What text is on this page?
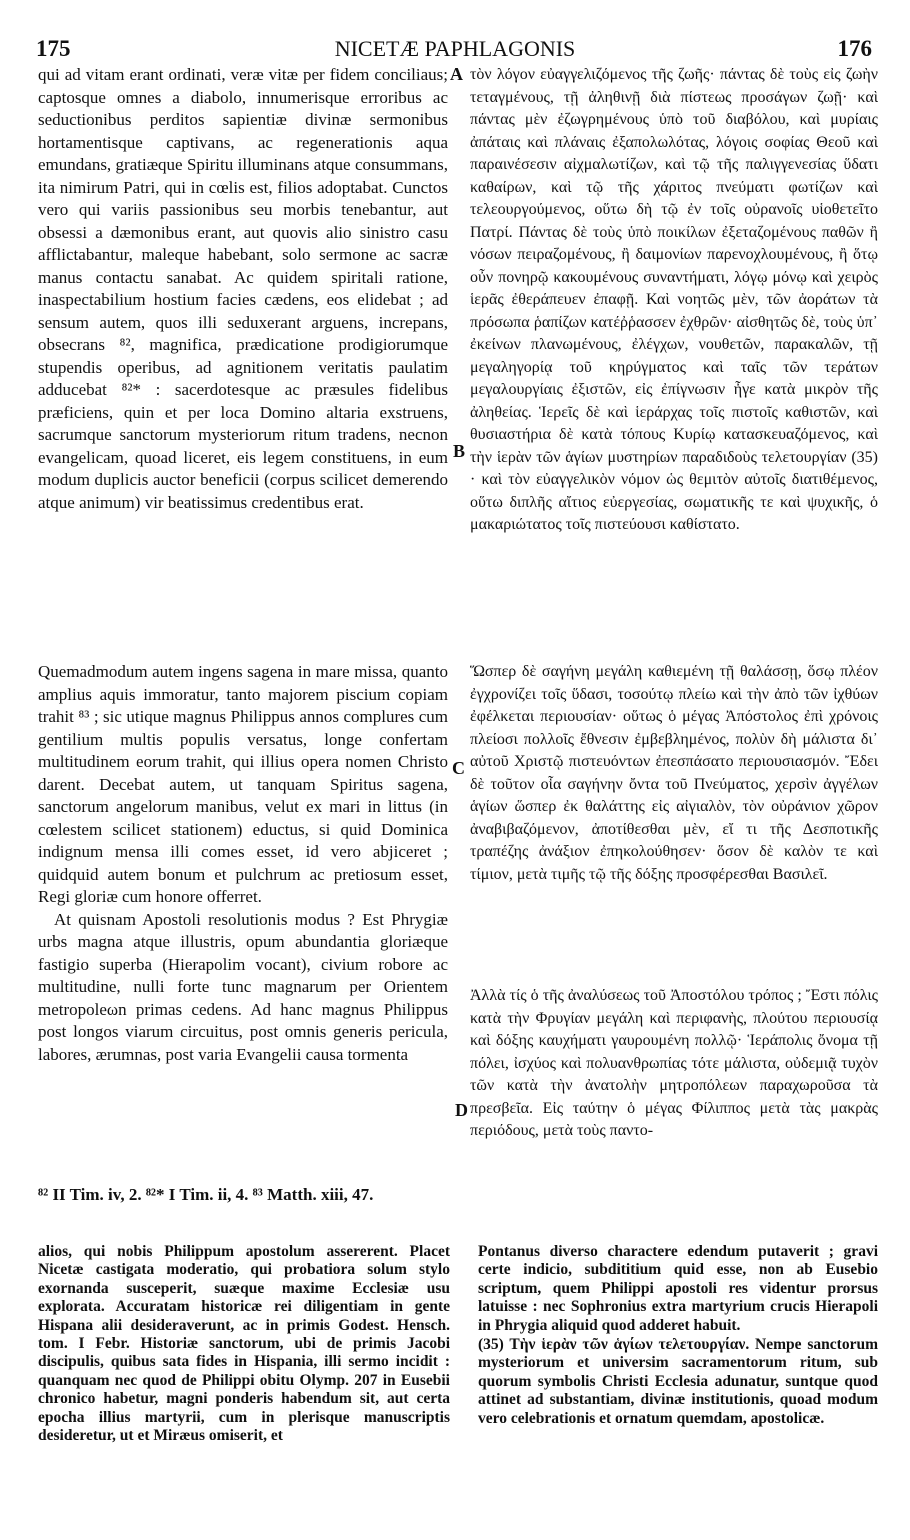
175	NICETÆ PAPHLAGONIS	176

qui ad vitam erant ordinati, veræ vitæ per fidem conciliaus; captosque omnes a diabolo, innumerisque erroribus ac seductionibus perditos sapientiæ divinæ sermonibus hortamentisque captivans, ac regenerationis aqua emundans, gratiæque Spiritu illuminans atque consummans, ita nimirum Patri, qui in cœlis est, filios adoptabat. Cunctos vero qui variis passionibus seu morbis tenebantur, aut obsessi a dæmonibus erant, aut quovis alio sinistro casu afflictabantur, maleque habebant, solo sermone ac sacræ manus contactu sanabat. Ac quidem spiritali ratione, inaspectabilium hostium facies cædens, eos elidebat ; ad sensum autem, quos illi seduxerant arguens, increpans, obsecrans ⁸², magnifica, prædicatione prodigiorumque stupendis operibus, ad agnitionem veritatis paulatim adducebat ⁸²* : sacerdotesque ac præsules fidelibus præficiens, quin et per loca Domino altaria exstruens, sacrumque sanctorum mysteriorum ritum tradens, necnon evangelicam, quoad liceret, eis legem constituens, in eum modum duplicis auctor beneficii (corpus scilicet demerendo atque animum) vir beatissimus credentibus erat.

Quemadmodum autem ingens sagena in mare missa, quanto amplius aquis immoratur, tanto majorem piscium copiam trahit ⁸³ ; sic utique magnus Philippus annos complures cum gentilium multis populis versatus, longe confertam multitudinem eorum trahit, qui illius opera nomen Christo darent. Decebat autem, ut tanquam Spiritus sagena, sanctorum angelorum manibus, velut ex mari in littus (in cœlestem scilicet stationem) eductus, si quid Dominica indignum mensa illi comes esset, id vero abjiceret ; quidquid autem bonum et pulchrum ac pretiosum esset, Regi gloriæ cum honore offerret.

At quisnam Apostoli resolutionis modus ? Est Phrygiæ urbs magna atque illustris, opum abundantia gloriæque fastigio superba (Hierapolim vocant), civium robore ac multitudine, nulli forte tunc magnarum per Orientem metropoleωn primas cedens. Ad hanc magnus Philippus post longos viarum circuitus, post omnis generis pericula, labores, ærumnas, post varia Evangelii causa tormenta

τὸν λόγον εὐαγγελιζόμενος τῆς ζωῆς· πάντας δὲ τοὺς εἰς ζωὴν τεταγμένους, τῇ ἀληθινῇ διὰ πίστεως προσάγων ζωῇ· καὶ πάντας μὲν ἐζωγρημένους ὑπὸ τοῦ διαβόλου, καὶ μυρίαις ἀπάταις καὶ πλάναις ἐξαπολωλότας, λόγοις σοφίας Θεοῦ καὶ παραινέσεσιν αἰχμαλωτίζων, καὶ τῷ τῆς παλιγγενεσίας ὕδατι καθαίρων, καὶ τῷ τῆς χάριτος πνεύματι φωτίζων καὶ τελεουργούμενος, οὕτω δὴ τῷ ἐν τοῖς οὐρανοῖς υἱοθετεῖτο Πατρί. Πάντας δὲ τοὺς ὑπὸ ποικίλων ἐξεταζομένους παθῶν ἢ νόσων πειραζομένους, ἢ δαιμονίων παρενοχλουμένους, ἢ ὅτῳ οὖν πονηρῷ κακουμένους συναντήματι, λόγῳ μόνῳ καὶ χειρὸς ἱερᾶς ἐθεράπευεν ἐπαφῇ. Καὶ νοητῶς μὲν, τῶν ἀοράτων τὰ πρόσωπα ῥαπίζων κατέῤῥασσεν ἐχθρῶν· αἰσθητῶς δὲ, τοὺς ὑπ᾽ ἐκείνων πλανωμένους, ἐλέγχων, νουθετῶν, παρακαλῶν, τῇ μεγαληγορίᾳ τοῦ κηρύγματος καὶ ταῖς τῶν τεράτων μεγαλουργίαις ἐξιστῶν, εἰς ἐπίγνωσιν ἦγε κατὰ μικρὸν τῆς ἀληθείας. Ἱερεῖς δὲ καὶ ἱεράρχας τοῖς πιστοῖς καθιστῶν, καὶ θυσιαστήρια δὲ κατὰ τόπους Κυρίῳ κατασκευαζόμενος, καὶ τὴν ἱερὰν τῶν ἁγίων μυστηρίων παραδιδοὺς τελετουργίαν (35) · καὶ τὸν εὐαγγελικὸν νόμον ὡς θεμιτὸν αὐτοῖς διατιθέμενος, οὕτω διπλῆς αἴτιος εὐεργεσίας, σωματικῆς τε καὶ ψυχικῆς, ὁ μακαριώτατος τοῖς πιστεύουσι καθίστατο.

Ὥσπερ δὲ σαγήνη μεγάλη καθιεμένη τῇ θαλάσσῃ, ὅσῳ πλέον ἐγχρονίζει τοῖς ὕδασι, τοσούτῳ πλείω καὶ τὴν ἀπὸ τῶν ἰχθύων ἐφέλκεται περιουσίαν· οὕτως ὁ μέγας Ἀπόστολος ἐπὶ χρόνοις πλείοσι πολλοῖς ἔθνεσιν ἐμβεβλημένος, πολὺν δὴ μάλιστα δι᾽ αὐτοῦ Χριστῷ πιστευόντων ἐπεσπάσατο περιουσιασμόν. Ἔδει δὲ τοῦτον οἷα σαγήνην ὄντα τοῦ Πνεύματος, χερσὶν ἀγγέλων ἁγίων ὥσπερ ἐκ θαλάττης εἰς αἰγιαλὸν, τὸν οὐράνιον χῶρον ἀναβιβαζόμενον, ἀποτίθεσθαι μὲν, εἴ τι τῆς Δεσποτικῆς τραπέζης ἀνάξιον ἐπηκολούθησεν· ὅσον δὲ καλὸν τε καὶ τίμιον, μετὰ τιμῆς τῷ τῆς δόξης προσφέρεσθαι Βασιλεῖ.

Ἀλλὰ τίς ὁ τῆς ἀναλύσεως τοῦ Ἀποστόλου τρόπος ; Ἔστι πόλις κατὰ τὴν Φρυγίαν μεγάλη καὶ περιφανὴς, πλούτου περιουσίᾳ καὶ δόξης καυχήματι γαυρουμένη πολλῷ· Ἱεράπολις ὄνομα τῇ πόλει, ἰσχύος καὶ πολυανθρωπίας τότε μάλιστα, οὐδεμιᾷ τυχὸν τῶν κατὰ τὴν ἀνατολὴν μητροπόλεων παραχωροῦσα τὰ πρεσβεῖα. Εἰς ταύτην ὁ μέγας Φίλιππος μετὰ τὰς μακρὰς περιόδους, μετὰ τοὺς παντο-

A
B
C
D
⁸² II Tim. iv, 2. ⁸²* I Tim. ii, 4. ⁸³ Matth. xiii, 47.

alios, qui nobis Philippum apostolum assererent. Placet Nicetæ castigata moderatio, qui probatiora solum stylo exornanda susceperit, suæque maxime Ecclesiæ usu explorata. Accuratam historicæ rei diligentiam in gente Hispana alii desideraverunt, ac in primis Godest. Hensch. tom. I Febr. Historiæ sanctorum, ubi de primis Jacobi discipulis, quibus sata fides in Hispania, illi sermo incidit : quanquam nec quod de Philippi obitu Olymp. 207 in Eusebii chronico habetur, magni ponderis habendum sit, aut certa epocha illius martyrii, cum in plerisque manuscriptis desideretur, ut et Miræus omiserit, et

Pontanus diverso charactere edendum putaverit ; gravi certe indicio, subdititium quid esse, non ab Eusebio scriptum, quem Philippi apostoli res videntur prorsus latuisse : nec Sophronius extra martyrium crucis Hierapoli in Phrygia aliquid quod adderet habuit.

(35) Τὴν ἱερὰν τῶν ἁγίων τελετουργίαν. Nempe sanctorum mysteriorum et universim sacramentorum ritum, sub quorum symbolis Christi Ecclesia adunatur, suntque quod attinet ad substantiam, divinæ institutionis, quoad modum vero celebrationis et ornatum quemdam, apostolicæ.
